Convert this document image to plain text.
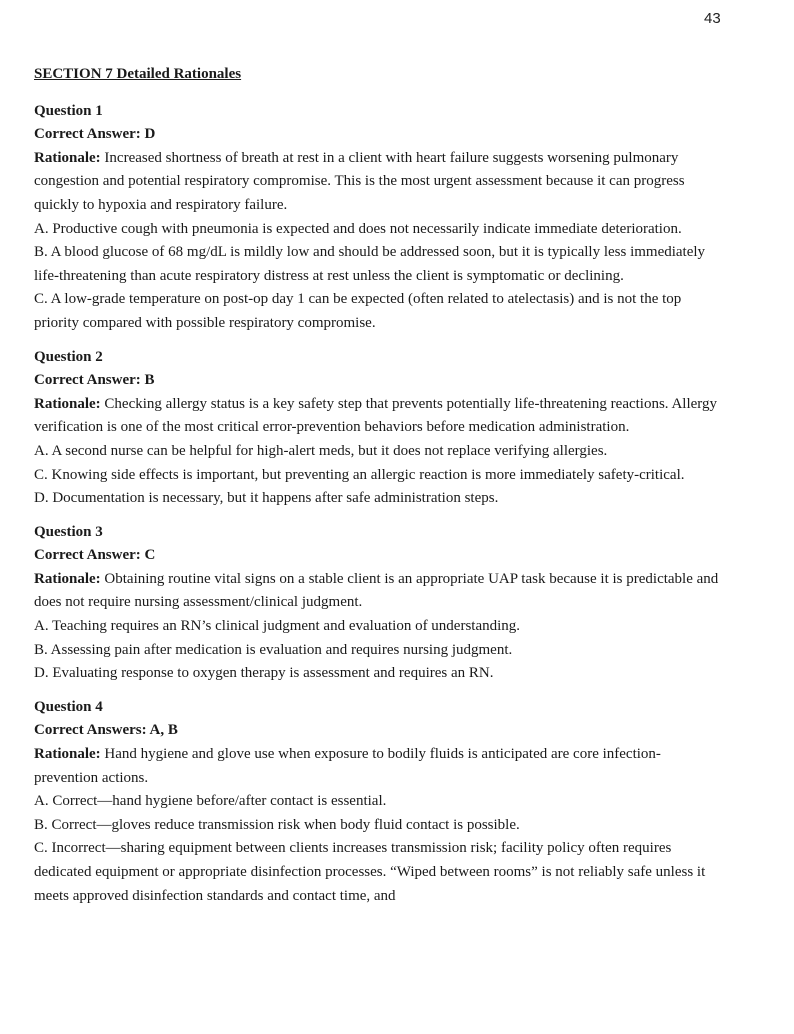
43
SECTION 7 Detailed Rationales
Question 1
Correct Answer: D

Rationale: Increased shortness of breath at rest in a client with heart failure suggests worsening pulmonary congestion and potential respiratory compromise. This is the most urgent assessment because it can progress quickly to hypoxia and respiratory failure.

A. Productive cough with pneumonia is expected and does not necessarily indicate immediate deterioration.

B. A blood glucose of 68 mg/dL is mildly low and should be addressed soon, but it is typically less immediately life-threatening than acute respiratory distress at rest unless the client is symptomatic or declining.

C. A low-grade temperature on post-op day 1 can be expected (often related to atelectasis) and is not the top priority compared with possible respiratory compromise.

Question 2
Correct Answer: B

Rationale: Checking allergy status is a key safety step that prevents potentially life-threatening reactions. Allergy verification is one of the most critical error-prevention behaviors before medication administration.

A. A second nurse can be helpful for high-alert meds, but it does not replace verifying allergies.

C. Knowing side effects is important, but preventing an allergic reaction is more immediately safety-critical.

D. Documentation is necessary, but it happens after safe administration steps.

Question 3
Correct Answer: C

Rationale: Obtaining routine vital signs on a stable client is an appropriate UAP task because it is predictable and does not require nursing assessment/clinical judgment.

A. Teaching requires an RN’s clinical judgment and evaluation of understanding.

B. Assessing pain after medication is evaluation and requires nursing judgment.

D. Evaluating response to oxygen therapy is assessment and requires an RN.

Question 4
Correct Answers: A, B

Rationale: Hand hygiene and glove use when exposure to bodily fluids is anticipated are core infection-prevention actions.

A. Correct—hand hygiene before/after contact is essential.

B. Correct—gloves reduce transmission risk when body fluid contact is possible.

C. Incorrect—sharing equipment between clients increases transmission risk; facility policy often requires dedicated equipment or appropriate disinfection processes. “Wiped between rooms” is not reliably safe unless it meets approved disinfection standards and contact time, and
